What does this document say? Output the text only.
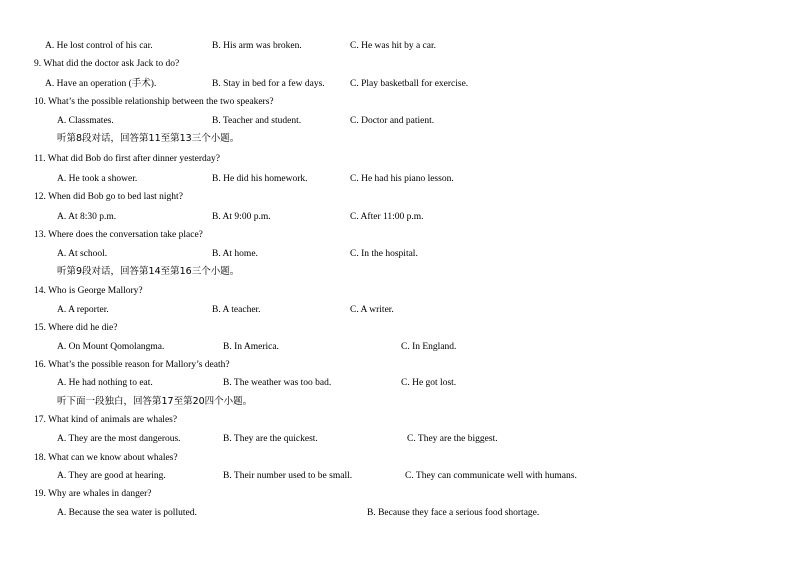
A. He lost control of his car.	B. His arm was broken.	C. He was hit by a car.
9. What did the doctor ask Jack to do?
A. Have an operation (手术).	B. Stay in bed for a few days.	C. Play basketball for exercise.
10. What’s the possible relationship between the two speakers?
A. Classmates.	B. Teacher and student.	C. Doctor and patient.
听第8段对话，回答第11至第13三个小题。
11. What did Bob do first after dinner yesterday?
A. He took a shower.	B. He did his homework.	C. He had his piano lesson.
12. When did Bob go to bed last night?
A. At 8:30 p.m.	B. At 9:00 p.m.	C. After 11:00 p.m.
13. Where does the conversation take place?
A. At school.	B. At home.	C. In the hospital.
听第9段对话，回答第14至第16三个小题。
14. Who is George Mallory?
A. A reporter.	B. A teacher.	C. A writer.
15. Where did he die?
A. On Mount Qomolangma.	B. In America.	C. In England.
16. What’s the possible reason for Mallory’s death?
A. He had nothing to eat.	B. The weather was too bad.	C. He got lost.
听下面一段独白，回答第17至第20四个小题。
17. What kind of animals are whales?
A. They are the most dangerous.	B. They are the quickest.	C. They are the biggest.
18. What can we know about whales?
A. They are good at hearing.	B. Their number used to be small.	C. They can communicate well with humans.
19. Why are whales in danger?
A. Because the sea water is polluted.	B. Because they face a serious food shortage.
